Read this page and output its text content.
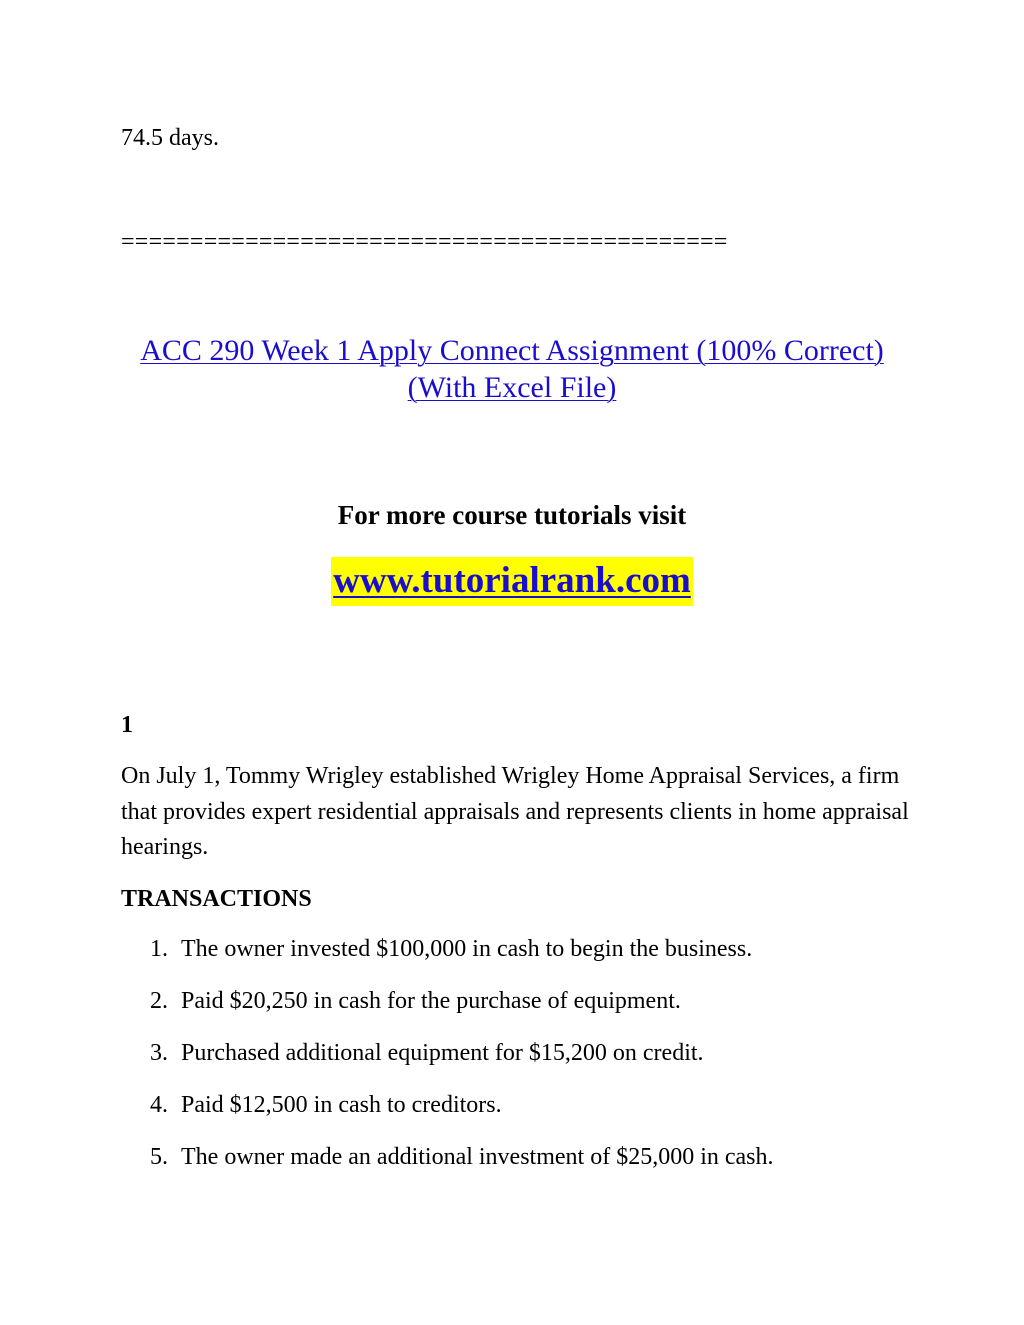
74.5 days.

============================================

ACC 290 Week 1 Apply Connect Assignment (100% Correct) (With Excel File)

For more course tutorials visit

www.tutorialrank.com

1

On July 1, Tommy Wrigley established Wrigley Home Appraisal Services, a firm that provides expert residential appraisals and represents clients in home appraisal hearings.

TRANSACTIONS

1. The owner invested $100,000 in cash to begin the business.
2. Paid $20,250 in cash for the purchase of equipment.
3. Purchased additional equipment for $15,200 on credit.
4. Paid $12,500 in cash to creditors.
5. The owner made an additional investment of $25,000 in cash.
